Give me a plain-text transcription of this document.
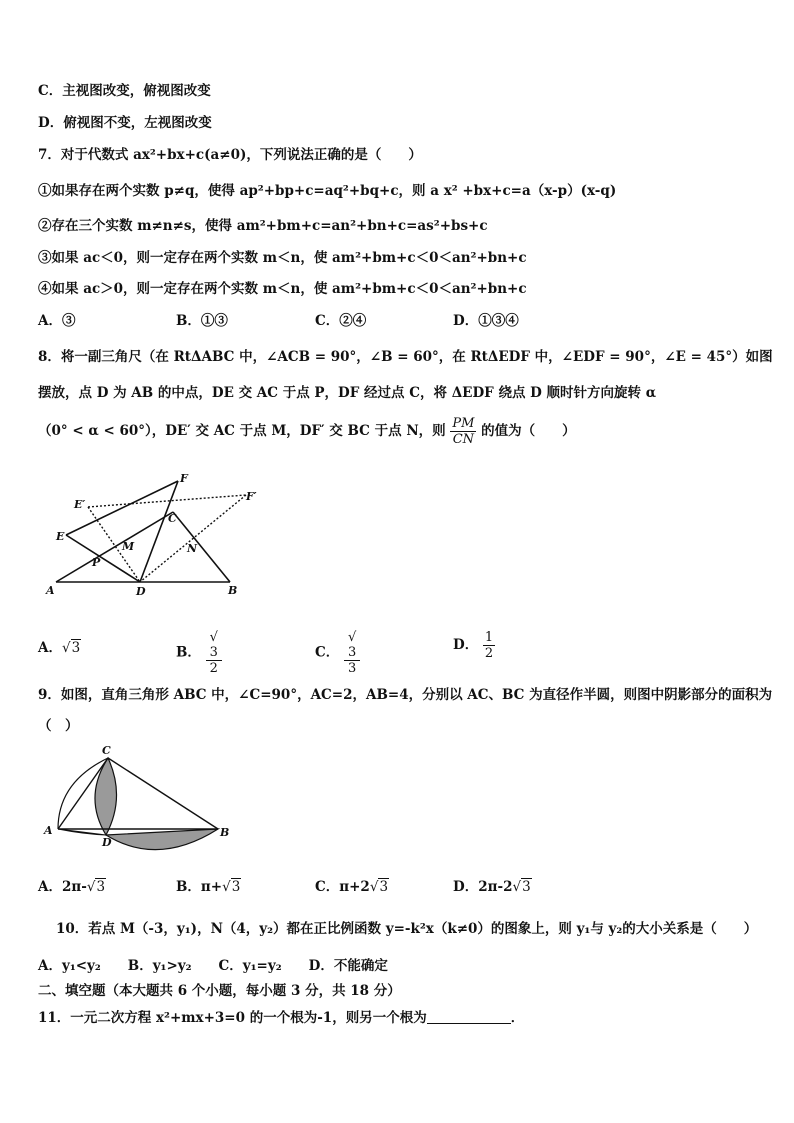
C．主视图改变，俯视图改变
D．俯视图不变，左视图改变
7．对于代数式 ax²+bx+c(a≠0)，下列说法正确的是（　　）
①如果存在两个实数 p≠q，使得 ap²+bp+c=aq²+bq+c，则 a x² +bx+c=a（x-p）(x-q)
②存在三个实数 m≠n≠s，使得 am²+bm+c=an²+bn+c=as²+bs+c
③如果 ac＜0，则一定存在两个实数 m＜n，使 am²+bm+c＜0＜an²+bn+c
④如果 ac＞0，则一定存在两个实数 m＜n，使 am²+bm+c＜0＜an²+bn+c
A．③	B．①③	C．②④	D．①③④
8．将一副三角尺（在 RtΔABC 中，∠ACB = 90°，∠B = 60°，在 RtΔEDF 中，∠EDF = 90°，∠E = 45°）如图
摆放，点 D 为 AB 的中点，DE 交 AC 于点 P，DF 经过点 C，将 ΔEDF 绕点 D 顺时针方向旋转 α
（0° < α < 60°），DE′ 交 AC 于点 M，DF′ 交 BC 于点 N，则 $\frac{PM}{CN}$ 的值为（　　）
F
E′
F′
C
E
M	N
P
A	D	B
A．√3	B． √
3
2	C． √
3
3	D． $\frac{1}{2}$
9．如图，直角三角形 ABC 中，∠C=90°，AC=2，AB=4，分别以 AC、BC 为直径作半圆，则图中阴影部分的面积为
（　）
C
A
D
B
A．2π-√3	B．π+√3	C．π+2√3	D．2π-2√3
10．若点 M（-3，y₁)，N（4，y₂）都在正比例函数 y=-k²x（k≠0）的图象上，则 y₁与 y₂的大小关系是（　　）
A．y₁<y₂　　B．y₁>y₂　　C．y₁=y₂　　D．不能确定
二、填空题（本大题共 6 个小题，每小题 3 分，共 18 分）
11．一元二次方程 x²+mx+3=0 的一个根为-1，则另一个根为	．
